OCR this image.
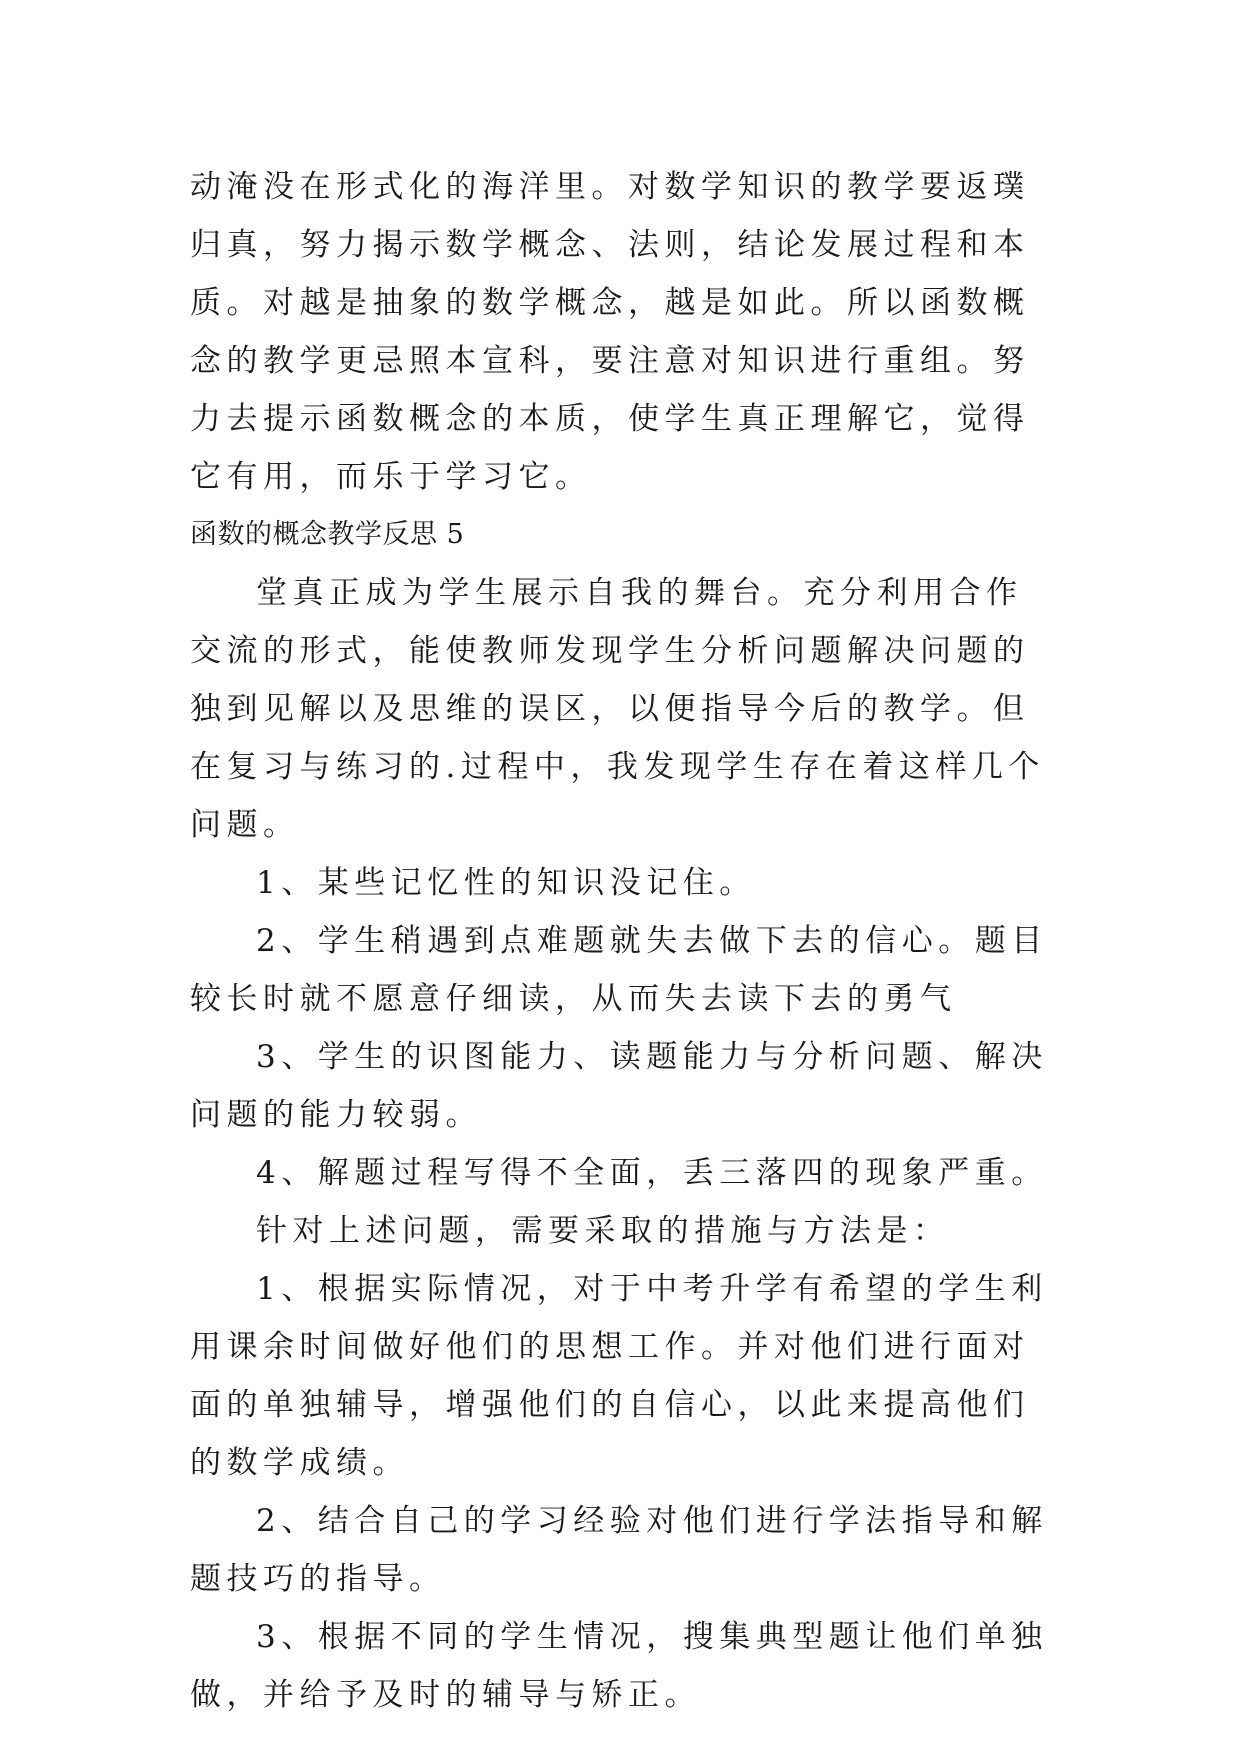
动淹没在形式化的海洋里。对数学知识的教学要返璞归真，努力揭示数学概念、法则，结论发展过程和本质。对越是抽象的数学概念，越是如此。所以函数概念的教学更忌照本宣科，要注意对知识进行重组。努力去提示函数概念的本质，使学生真正理解它，觉得它有用，而乐于学习它。

函数的概念教学反思 5

堂真正成为学生展示自我的舞台。充分利用合作交流的形式，能使教师发现学生分析问题解决问题的独到见解以及思维的误区，以便指导今后的教学。但在复习与练习的.过程中，我发现学生存在着这样几个问题。

1、某些记忆性的知识没记住。

2、学生稍遇到点难题就失去做下去的信心。题目较长时就不愿意仔细读，从而失去读下去的勇气

3、学生的识图能力、读题能力与分析问题、解决问题的能力较弱。

4、解题过程写得不全面，丢三落四的现象严重。

针对上述问题，需要采取的措施与方法是：

1、根据实际情况，对于中考升学有希望的学生利用课余时间做好他们的思想工作。并对他们进行面对面的单独辅导，增强他们的自信心，以此来提高他们的数学成绩。

2、结合自己的学习经验对他们进行学法指导和解题技巧的指导。

3、根据不同的学生情况，搜集典型题让他们单独做，并给予及时的辅导与矫正。
